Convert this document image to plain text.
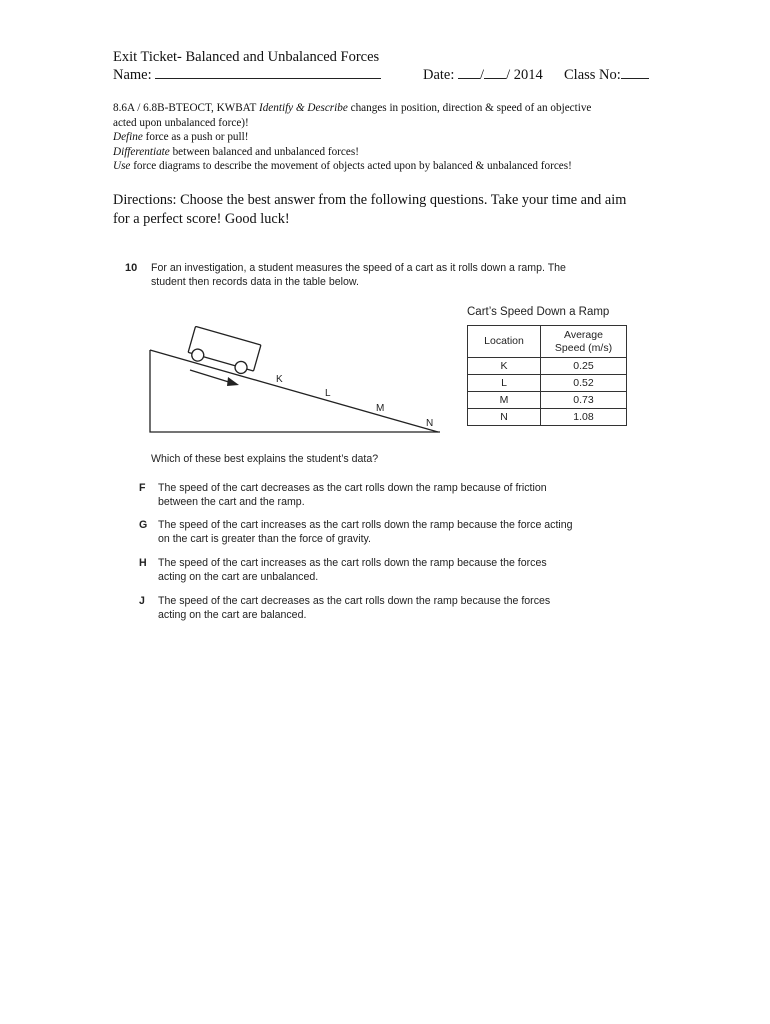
Exit Ticket- Balanced and Unbalanced Forces
Name:	Date: / / 2014 Class No:
8.6A / 6.8B-BTEOCT, KWBAT Identify & Describe changes in position, direction & speed of an objective
acted upon unbalanced force)!
Define force as a push or pull!
Differentiate between balanced and unbalanced forces!
Use force diagrams to describe the movement of objects acted upon by balanced & unbalanced forces!
Directions: Choose the best answer from the following questions. Take your time and aim
for a perfect score! Good luck!
10 For an investigation, a student measures the speed of a cart as it rolls down a ramp. The
student then records data in the table below.
K
L
M
N
Cart’s Speed Down a Ramp
Location	Average
Speed (m/s)

K	0.25
L	0.52
M	0.73
N	1.08
Which of these best explains the student’s data?
F The speed of the cart decreases as the cart rolls down the ramp because of friction
between the cart and the ramp.
G The speed of the cart increases as the cart rolls down the ramp because the force acting
on the cart is greater than the force of gravity.
H The speed of the cart increases as the cart rolls down the ramp because the forces
acting on the cart are unbalanced.
J The speed of the cart decreases as the cart rolls down the ramp because the forces
acting on the cart are balanced.
